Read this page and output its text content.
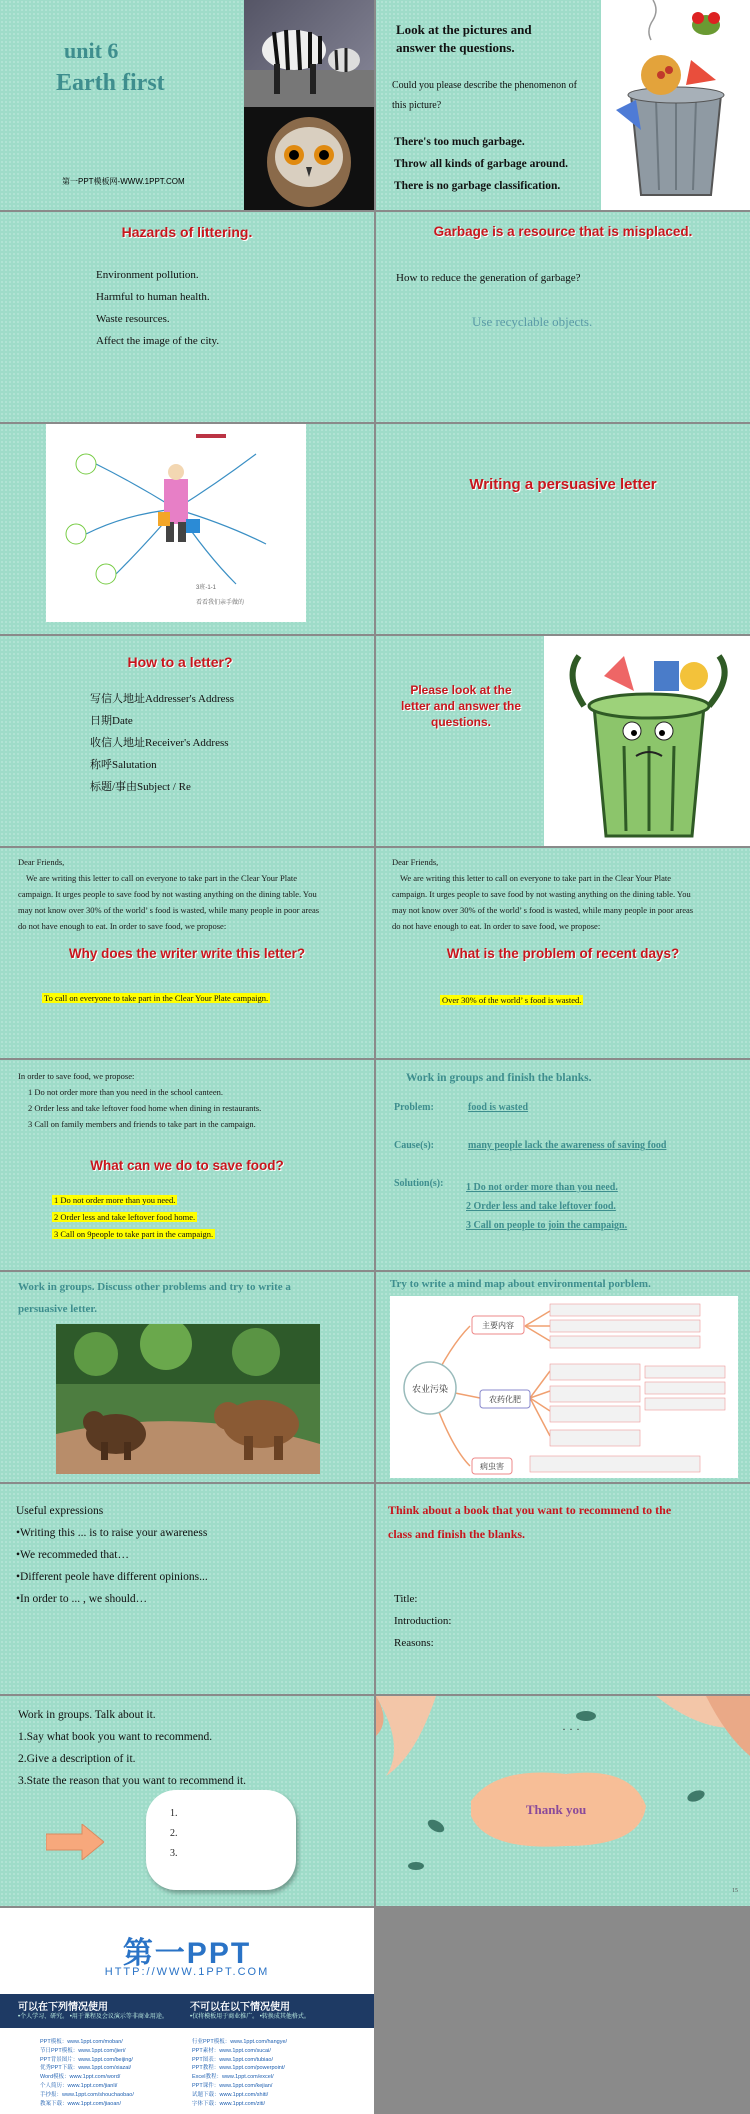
unit 6
Earth first
第一PPT模板网-WWW.1PPT.COM
Look at the pictures and
answer the questions.
Could you please describe the phenomenon of
this picture?
There's too much garbage.
Throw all kinds of garbage around.
There is no garbage classification.
Hazards of littering.
Environment pollution.
Harmful to human health.
Waste resources.
Affect the image of the city.
Garbage is a resource that is misplaced.
How to reduce the generation of garbage?
Use recyclable objects.
3班-1-1
看看我们亲手做的
Writing a persuasive letter
How to a letter?
写信人地址Addresser's Address
日期Date
收信人地址Receiver's Address
称呼Salutation
标题/事由Subject / Re
Please look at the
letter and answer the
questions.
Dear Friends,
We are writing this letter to call on everyone to take part in the Clear Your Plate
campaign. It urges people to save food by not wasting anything on the dining table. You
may not know over 30% of the world’ s food is wasted, while many people in poor areas
do not have enough to eat. In order to save food, we propose:
Why does the writer write this letter?
To call on everyone to take part in the Clear Your Plate campaign.
Dear Friends,
We are writing this letter to call on everyone to take part in the Clear Your Plate
campaign. It urges people to save food by not wasting anything on the dining table. You
may not know over 30% of the world’ s food is wasted, while many people in poor areas
do not have enough to eat. In order to save food, we propose:
What is the problem of recent days?
Over 30% of the world’ s food is wasted.
In order to save food, we propose:
1 Do not order more than you need in the school canteen.
2 Order less and take leftover food home when dining in restaurants.
3 Call on family members and friends to take part in the campaign.
What can we do to save food?
1 Do not order more than you need.
2 Order less and take leftover food home.
3 Call on 9people to take part in the campaign.
Work in groups and finish the blanks.
Problem:	food is wasted
Cause(s):	many people lack the awareness of saving food
Solution(s): 1 Do not order more than you need.
2 Order less and take leftover food.
3 Call on people to join the campaign.
Work in groups. Discuss other problems and try to write a
persuasive letter.
Try to write a mind map about environmental porblem.
农业污染
主要内容
农药化肥
病虫害
Useful expressions
•Writing this ... is to raise your awareness
•We recommeded that…
•Different peole have different opinions...
•In order to ... , we should…
Think about a book that you want to recommend to the
class and finish the blanks.
Title:
Introduction:
Reasons:
Work in groups. Talk about it.
1.Say what book you want to recommend.
2.Give a description of it.
3.State the reason that you want to recommend it.
1.
2.
3.
· · ·
Thank you
15
第一PPT
HTTP://WWW.1PPT.COM
可以在下列情况使用
•个人学习、研究。 •用于课程及会议演示等非商业用途。
不可以在以下情况使用
•仅将模板用于商业推广。 •转换成其他格式。
PPT模板：www.1ppt.com/moban/
节日PPT模板：www.1ppt.com/jieri/
PPT背景图片：www.1ppt.com/beijing/
优秀PPT下载：www.1ppt.com/xiazai/
Word模板：www.1ppt.com/word/
个人简历：www.1ppt.com/jianli/
手抄报：www.1ppt.com/shouchaobao/
教案下载：www.1ppt.com/jiaoan/
行业PPT模板：www.1ppt.com/hangye/
PPT素材：www.1ppt.com/sucai/
PPT图表：www.1ppt.com/tubiao/
PPT教程：www.1ppt.com/powerpoint/
Excel教程：www.1ppt.com/excel/
PPT课件：www.1ppt.com/kejian/
试题下载：www.1ppt.com/shiti/
字体下载：www.1ppt.com/ziti/
